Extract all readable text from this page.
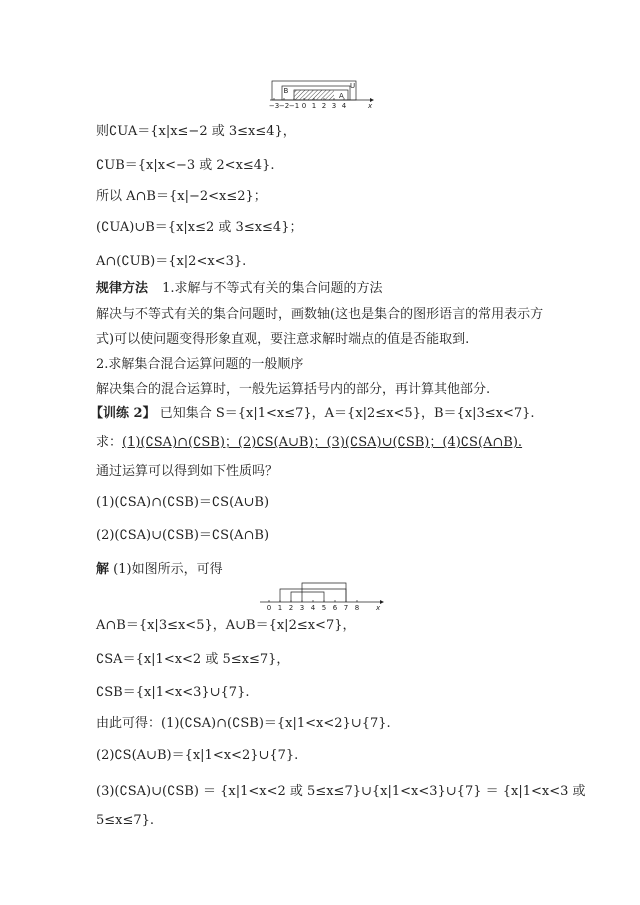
B
A
U
−3 −2 −1 0 1 2 3 4	x
则∁UA＝{x|x≤−2 或 3≤x≤4}，
∁UB＝{x|x<−3 或 2<x≤4}.
所以 A∩B＝{x|−2<x≤2}；
(∁UA)∪B＝{x|x≤2 或 3≤x≤4}；
A∩(∁UB)＝{x|2<x<3}.
规律方法 1.求解与不等式有关的集合问题的方法
解决与不等式有关的集合问题时，画数轴(这也是集合的图形语言的常用表示方
式)可以使问题变得形象直观，要注意求解时端点的值是否能取到.
2.求解集合混合运算问题的一般顺序
解决集合的混合运算时，一般先运算括号内的部分，再计算其他部分.
【训练 2】 已知集合 S＝{x|1<x≤7}，A＝{x|2≤x<5}，B＝{x|3≤x<7}.
求：(1)(∁SA)∩(∁SB)；(2)∁S(A∪B)；(3)(∁SA)∪(∁SB)；(4)∁S(A∩B).
通过运算可以得到如下性质吗？
(1)(∁SA)∩(∁SB)＝∁S(A∪B)
(2)(∁SA)∪(∁SB)＝∁S(A∩B)
解 (1)如图所示，可得
0 1 2 3 4 5 6 7 8 x
A∩B＝{x|3≤x<5}，A∪B＝{x|2≤x<7}，
∁SA＝{x|1<x<2 或 5≤x≤7}，
∁SB＝{x|1<x<3}∪{7}.
由此可得：(1)(∁SA)∩(∁SB)＝{x|1<x<2}∪{7}.
(2)∁S(A∪B)＝{x|1<x<2}∪{7}.
(3)(∁SA)∪(∁SB) ＝ {x|1<x<2 或 5≤x≤7}∪{x|1<x<3}∪{7} ＝ {x|1<x<3 或
5≤x≤7}.
